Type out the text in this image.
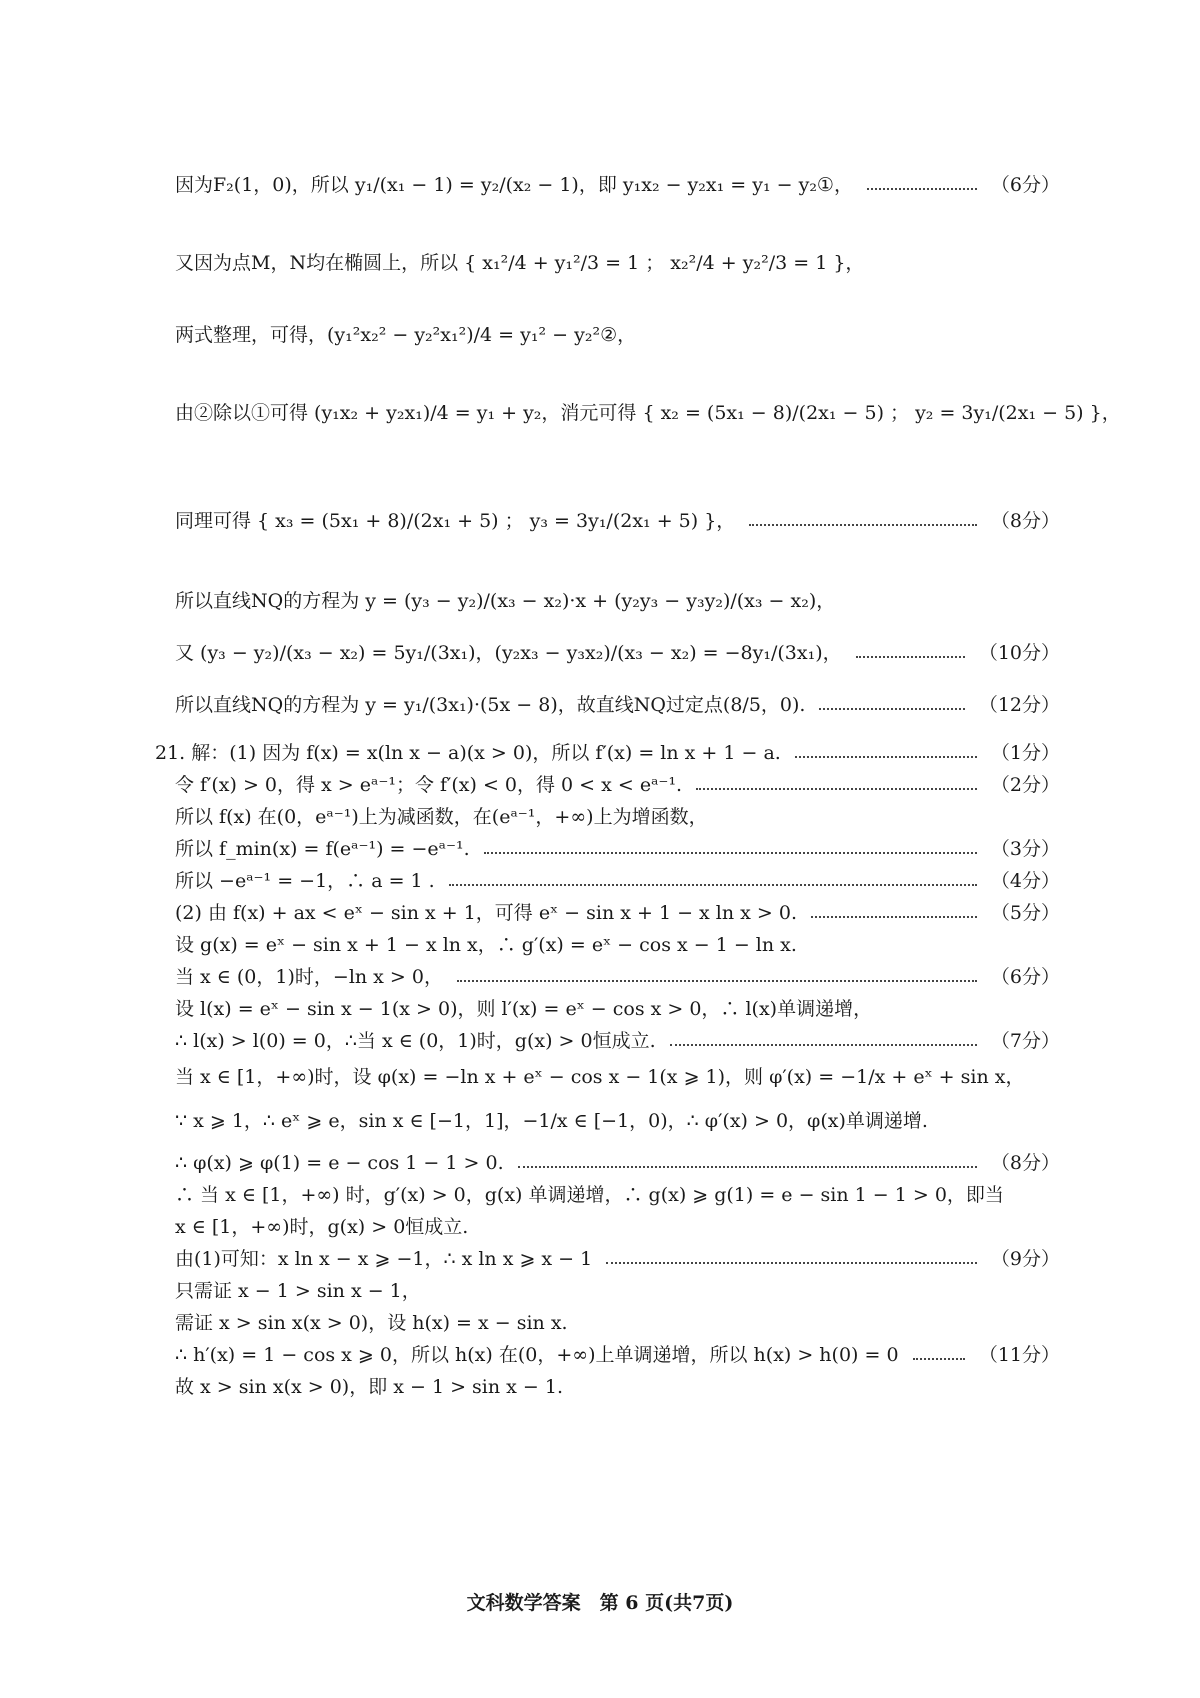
因为F₂(1，0)，所以 y₁/(x₁ − 1) = y₂/(x₂ − 1)，即 y₁x₂ − y₂x₁ = y₁ − y₂①，	（6分）
又因为点M，N均在椭圆上，所以 { x₁²/4 + y₁²/3 = 1 ； x₂²/4 + y₂²/3 = 1 }，
两式整理，可得，(y₁²x₂² − y₂²x₁²)/4 = y₁² − y₂²②，
由②除以①可得 (y₁x₂ + y₂x₁)/4 = y₁ + y₂，消元可得 { x₂ = (5x₁ − 8)/(2x₁ − 5) ； y₂ = 3y₁/(2x₁ − 5) }，
同理可得 { x₃ = (5x₁ + 8)/(2x₁ + 5) ； y₃ = 3y₁/(2x₁ + 5) }，	（8分）
所以直线NQ的方程为 y = (y₃ − y₂)/(x₃ − x₂)·x + (y₂y₃ − y₃y₂)/(x₃ − x₂)，
又 (y₃ − y₂)/(x₃ − x₂) = 5y₁/(3x₁)，(y₂x₃ − y₃x₂)/(x₃ − x₂) = −8y₁/(3x₁)，	（10分）
所以直线NQ的方程为 y = y₁/(3x₁)·(5x − 8)，故直线NQ过定点(8/5，0).	（12分）
21. 解：(1) 因为 f(x) = x(ln x − a)(x > 0)，所以 f′(x) = ln x + 1 − a.	（1分）
令 f′(x) > 0，得 x > eᵃ⁻¹；令 f′(x) < 0，得 0 < x < eᵃ⁻¹.	（2分）
所以 f(x) 在(0，eᵃ⁻¹)上为减函数，在(eᵃ⁻¹，+∞)上为增函数，
所以 f_min(x) = f(eᵃ⁻¹) = −eᵃ⁻¹.	（3分）
所以 −eᵃ⁻¹ = −1，∴ a = 1 .	（4分）
(2) 由 f(x) + ax < eˣ − sin x + 1，可得 eˣ − sin x + 1 − x ln x > 0.	（5分）
设 g(x) = eˣ − sin x + 1 − x ln x，∴ g′(x) = eˣ − cos x − 1 − ln x.
当 x ∈ (0，1)时，−ln x > 0，	（6分）
设 l(x) = eˣ − sin x − 1(x > 0)，则 l′(x) = eˣ − cos x > 0，∴ l(x)单调递增，
∴ l(x) > l(0) = 0，∴当 x ∈ (0，1)时，g(x) > 0恒成立.	（7分）
当 x ∈ [1，+∞)时，设 φ(x) = −ln x + eˣ − cos x − 1(x ⩾ 1)，则 φ′(x) = −1/x + eˣ + sin x，
∵ x ⩾ 1，∴ eˣ ⩾ e，sin x ∈ [−1，1]，−1/x ∈ [−1，0)，∴ φ′(x) > 0，φ(x)单调递增.
∴ φ(x) ⩾ φ(1) = e − cos 1 − 1 > 0.	（8分）
∴ 当 x ∈ [1，+∞) 时，g′(x) > 0，g(x) 单调递增，∴ g(x) ⩾ g(1) = e − sin 1 − 1 > 0，即当
x ∈ [1，+∞)时，g(x) > 0恒成立.
由(1)可知：x ln x − x ⩾ −1，∴ x ln x ⩾ x − 1	（9分）
只需证 x − 1 > sin x − 1，
需证 x > sin x(x > 0)，设 h(x) = x − sin x.
∴ h′(x) = 1 − cos x ⩾ 0，所以 h(x) 在(0，+∞)上单调递增，所以 h(x) > h(0) = 0	（11分）
故 x > sin x(x > 0)，即 x − 1 > sin x − 1.
文科数学答案　第 6 页(共7页)
